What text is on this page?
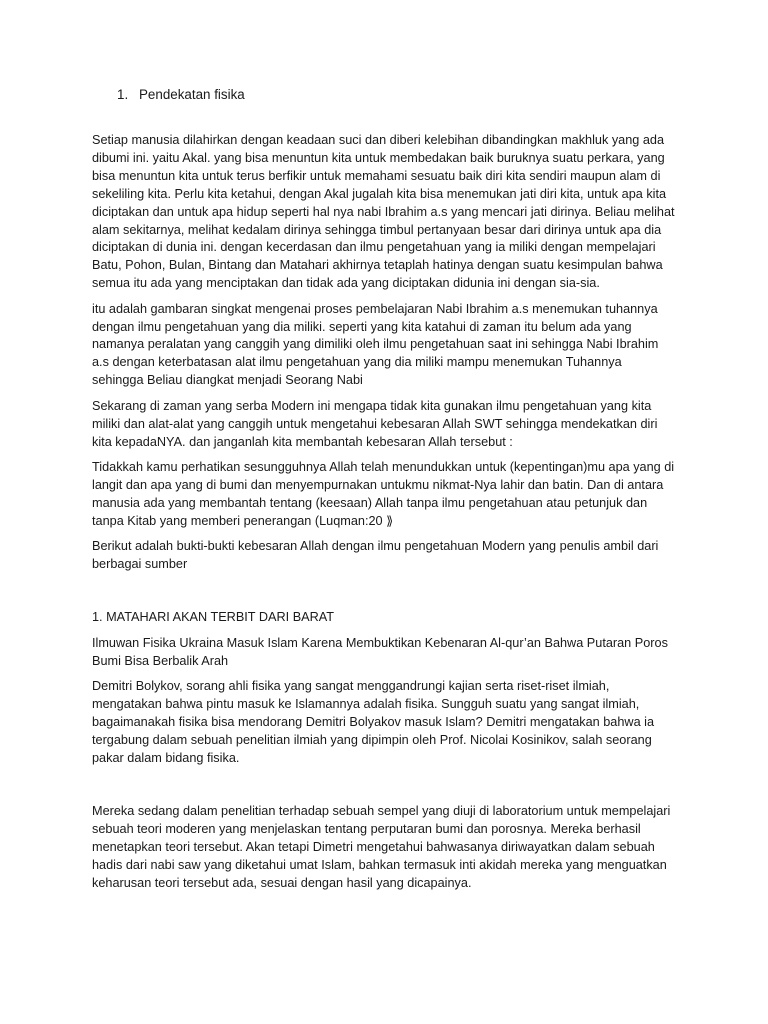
1. Pendekatan fisika

Setiap manusia dilahirkan dengan keadaan suci dan diberi kelebihan dibandingkan makhluk yang ada dibumi ini. yaitu Akal. yang bisa menuntun kita untuk membedakan baik buruknya suatu perkara, yang bisa menuntun kita untuk terus berfikir untuk memahami sesuatu baik diri kita sendiri maupun alam di sekeliling kita. Perlu kita ketahui, dengan Akal jugalah kita bisa menemukan jati diri kita, untuk apa kita diciptakan dan untuk apa hidup seperti hal nya nabi Ibrahim a.s yang mencari jati dirinya. Beliau melihat alam sekitarnya, melihat kedalam dirinya sehingga timbul pertanyaan besar dari dirinya untuk apa dia diciptakan di dunia ini. dengan kecerdasan dan ilmu pengetahuan yang ia miliki dengan mempelajari Batu, Pohon, Bulan, Bintang dan Matahari akhirnya tetaplah hatinya dengan suatu kesimpulan bahwa semua itu ada yang menciptakan dan tidak ada yang diciptakan didunia ini dengan sia-sia.

itu adalah gambaran singkat mengenai proses pembelajaran Nabi Ibrahim a.s menemukan tuhannya dengan ilmu pengetahuan yang dia miliki. seperti yang kita katahui di zaman itu belum ada yang namanya peralatan yang canggih yang dimiliki oleh ilmu pengetahuan saat ini sehingga Nabi Ibrahim a.s dengan keterbatasan alat ilmu pengetahuan yang dia miliki mampu menemukan Tuhannya sehingga Beliau diangkat menjadi Seorang Nabi

Sekarang di zaman yang serba Modern ini mengapa tidak kita gunakan ilmu pengetahuan yang kita miliki dan alat-alat yang canggih untuk mengetahui kebesaran Allah SWT sehingga mendekatkan diri kita kepadaNYA. dan janganlah kita membantah kebesaran Allah tersebut :

Tidakkah kamu perhatikan sesungguhnya Allah telah menundukkan untuk (kepentingan)mu apa yang di langit dan apa yang di bumi dan menyempurnakan untukmu nikmat-Nya lahir dan batin. Dan di antara manusia ada yang membantah tentang (keesaan) Allah tanpa ilmu pengetahuan atau petunjuk dan tanpa Kitab yang memberi penerangan (Luqman:20 ⟫

Berikut adalah bukti-bukti kebesaran Allah dengan ilmu pengetahuan Modern yang penulis ambil dari berbagai sumber

1. MATAHARI AKAN TERBIT DARI BARAT

Ilmuwan Fisika Ukraina Masuk Islam Karena Membuktikan Kebenaran Al-qur’an Bahwa Putaran Poros Bumi Bisa Berbalik Arah

Demitri Bolykov, sorang ahli fisika yang sangat menggandrungi kajian serta riset-riset ilmiah, mengatakan bahwa pintu masuk ke Islamannya adalah fisika. Sungguh suatu yang sangat ilmiah, bagaimanakah fisika bisa mendorang Demitri Bolyakov masuk Islam? Demitri mengatakan bahwa ia tergabung dalam sebuah penelitian ilmiah yang dipimpin oleh Prof. Nicolai Kosinikov, salah seorang pakar dalam bidang fisika.

Mereka sedang dalam penelitian terhadap sebuah sempel yang diuji di laboratorium untuk mempelajari sebuah teori moderen yang menjelaskan tentang perputaran bumi dan porosnya. Mereka berhasil menetapkan teori tersebut. Akan tetapi Dimetri mengetahui bahwasanya diriwayatkan dalam sebuah hadis dari nabi saw yang diketahui umat Islam, bahkan termasuk inti akidah mereka yang menguatkan keharusan teori tersebut ada, sesuai dengan hasil yang dicapainya.
